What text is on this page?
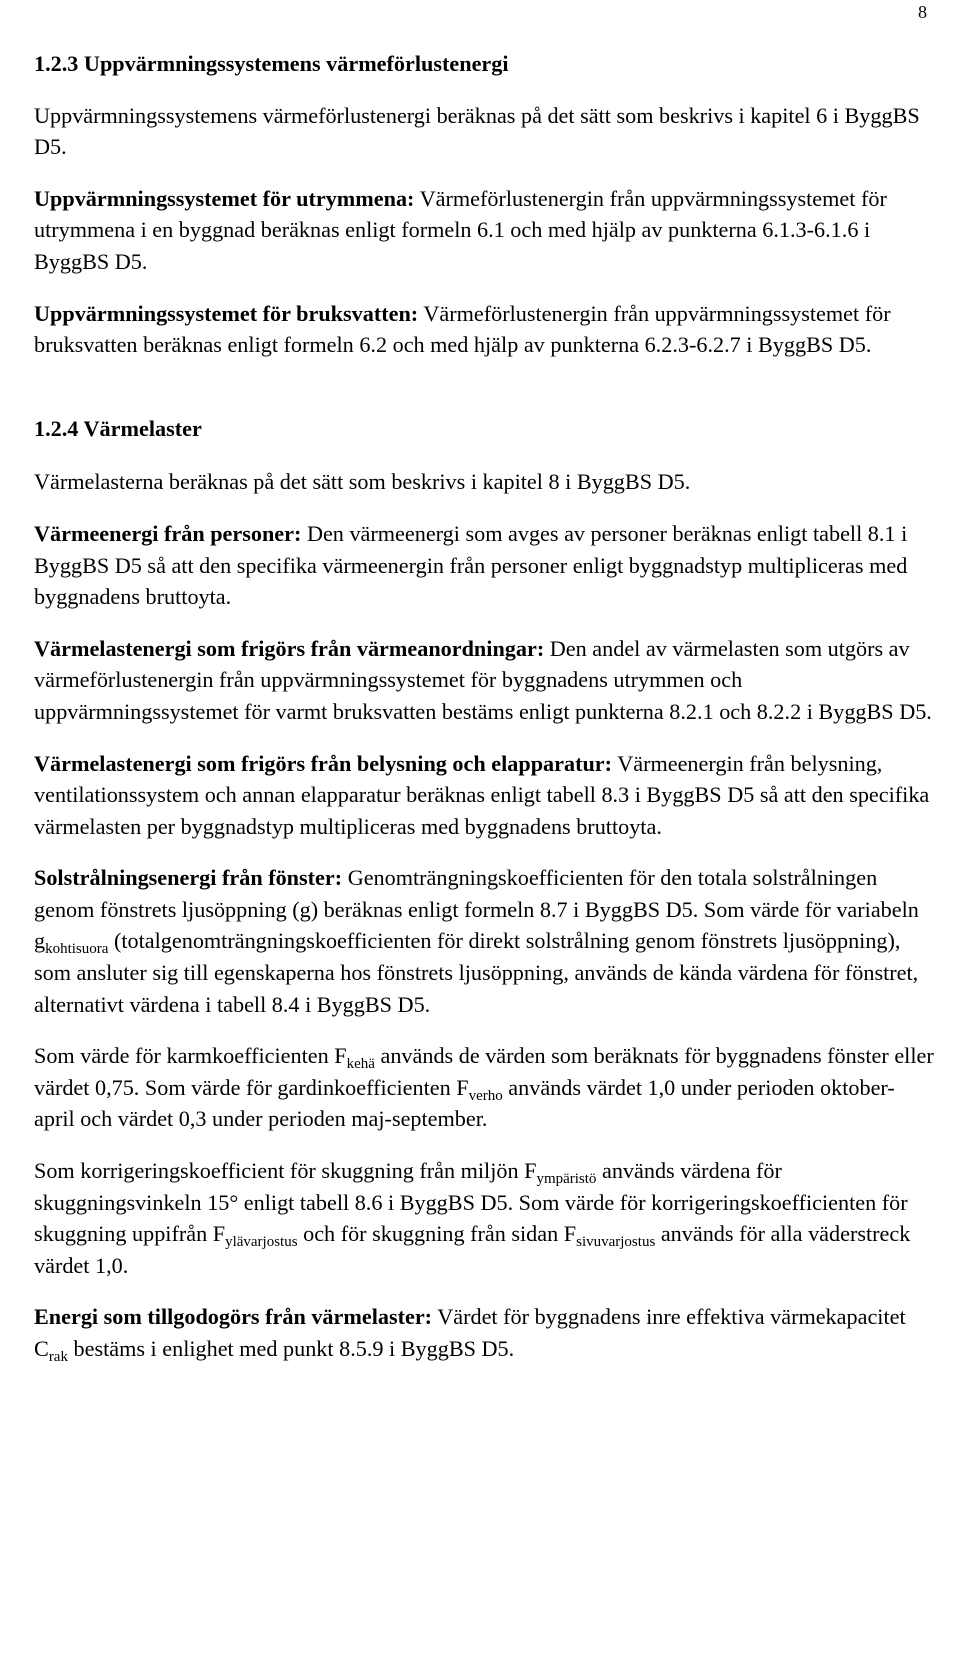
8

1.2.3 Uppvärmningssystemens värmeförlustenergi

Uppvärmningssystemens värmeförlustenergi beräknas på det sätt som beskrivs i kapitel 6 i ByggBS D5.

Uppvärmningssystemet för utrymmena: Värmeförlustenergin från uppvärmningssystemet för utrymmena i en byggnad beräknas enligt formeln 6.1 och med hjälp av punkterna 6.1.3-6.1.6 i ByggBS D5.

Uppvärmningssystemet för bruksvatten: Värmeförlustenergin från uppvärmningssystemet för bruksvatten beräknas enligt formeln 6.2 och med hjälp av punkterna 6.2.3-6.2.7 i ByggBS D5.

1.2.4 Värmelaster

Värmelasterna beräknas på det sätt som beskrivs i kapitel 8 i ByggBS D5.

Värmeenergi från personer: Den värmeenergi som avges av personer beräknas enligt tabell 8.1 i ByggBS D5 så att den specifika värmeenergin från personer enligt byggnadstyp multipliceras med byggnadens bruttoyta.

Värmelastenergi som frigörs från värmeanordningar: Den andel av värmelasten som utgörs av värmeförlustenergin från uppvärmningssystemet för byggnadens utrymmen och uppvärmningssystemet för varmt bruksvatten bestäms enligt punkterna 8.2.1 och 8.2.2 i ByggBS D5.

Värmelastenergi som frigörs från belysning och elapparatur: Värmeenergin från belysning, ventilationssystem och annan elapparatur beräknas enligt tabell 8.3 i ByggBS D5 så att den specifika värmelasten per byggnadstyp multipliceras med byggnadens bruttoyta.

Solstrålningsenergi från fönster: Genomträngningskoefficienten för den totala solstrålningen genom fönstrets ljusöppning (g) beräknas enligt formeln 8.7 i ByggBS D5. Som värde för variabeln $g_{kohtisuora}$ (totalgenomträngningskoefficienten för direkt solstrålning genom fönstrets ljusöppning), som ansluter sig till egenskaperna hos fönstrets ljusöppning, används de kända värdena för fönstret, alternativt värdena i tabell 8.4 i ByggBS D5.

Som värde för karmkoefficienten $F_{kehä}$ används de värden som beräknats för byggnadens fönster eller värdet 0,75. Som värde för gardinkoefficienten $F_{verho}$ används värdet 1,0 under perioden oktober-april och värdet 0,3 under perioden maj-september.

Som korrigeringskoefficient för skuggning från miljön $F_{ympäristö}$ används värdena för skuggningsvinkeln 15° enligt tabell 8.6 i ByggBS D5. Som värde för korrigeringskoefficienten för skuggning uppifrån $F_{ylävarjostus}$ och för skuggning från sidan $F_{sivuvarjostus}$ används för alla väderstreck värdet 1,0.

Energi som tillgodogörs från värmelaster: Värdet för byggnadens inre effektiva värmekapacitet $C_{rak}$ bestäms i enlighet med punkt 8.5.9 i ByggBS D5.
